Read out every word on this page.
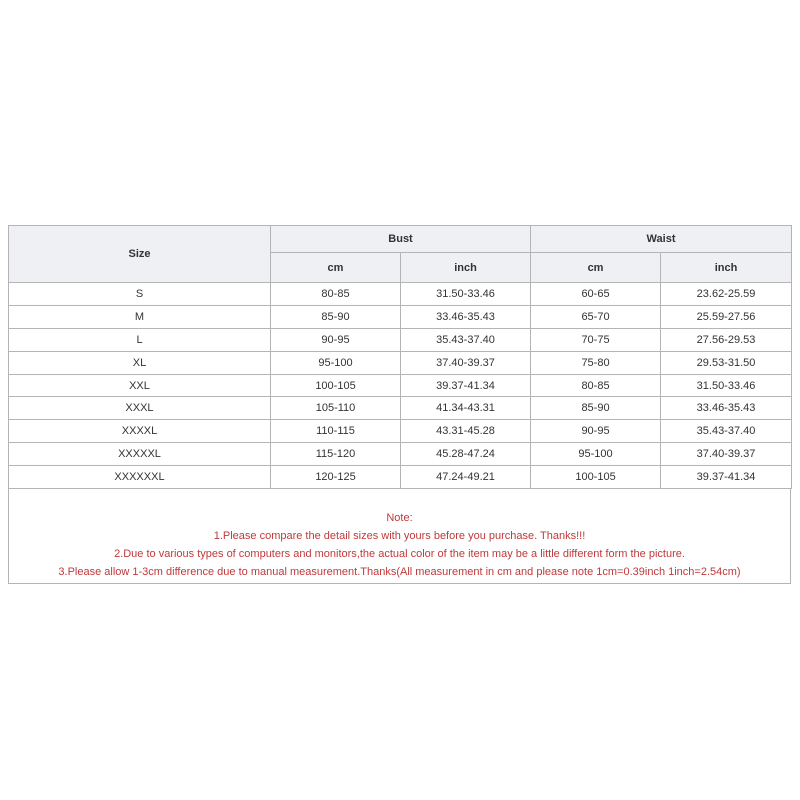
Size	Bust		Waist	
	cm	inch	cm	inch
S	80-85	31.50-33.46	60-65	23.62-25.59
M	85-90	33.46-35.43	65-70	25.59-27.56
L	90-95	35.43-37.40	70-75	27.56-29.53
XL	95-100	37.40-39.37	75-80	29.53-31.50
XXL	100-105	39.37-41.34	80-85	31.50-33.46
XXXL	105-110	41.34-43.31	85-90	33.46-35.43
XXXXL	110-115	43.31-45.28	90-95	35.43-37.40
XXXXXL	115-120	45.28-47.24	95-100	37.40-39.37
XXXXXXL	120-125	47.24-49.21	100-105	39.37-41.34
Note:
1.Please compare the detail sizes with yours before you purchase. Thanks!!!
2.Due to various types of computers and monitors,the actual color of the item may be a little different form the picture.
3.Please allow 1-3cm difference due to manual measurement.Thanks(All measurement in cm and please note 1cm=0.39inch 1inch=2.54cm)
